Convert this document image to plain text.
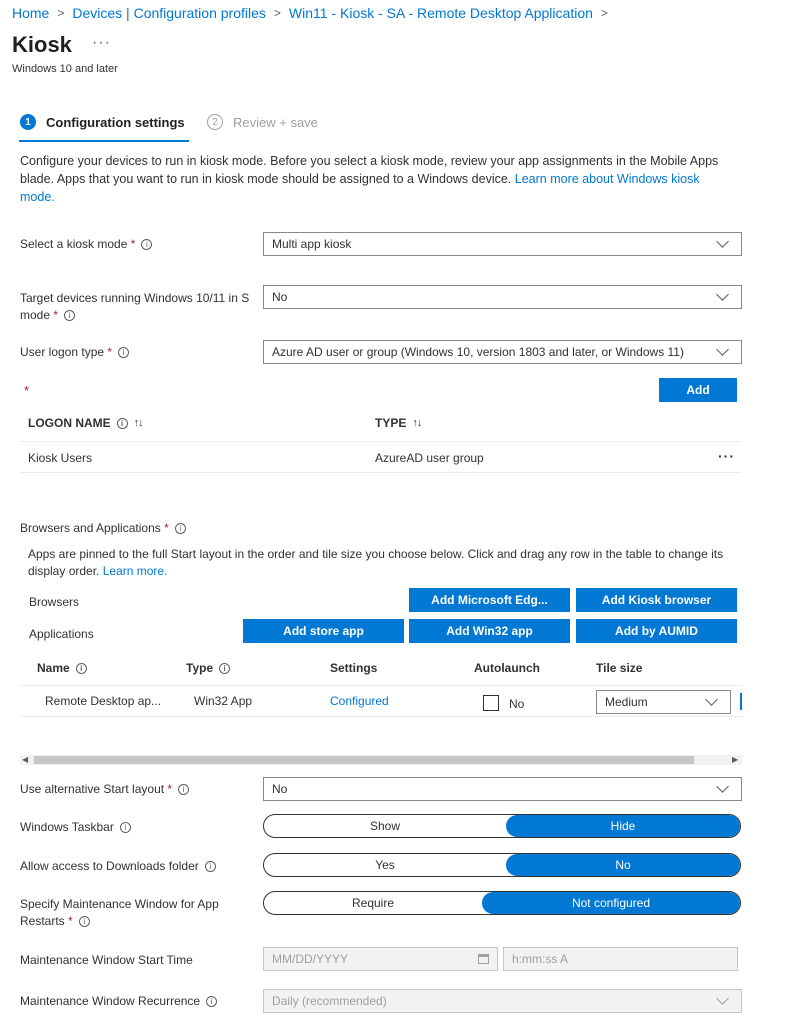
Home > Devices | Configuration profiles > Win11 - Kiosk - SA - Remote Desktop Application >
Kiosk ···
Windows 10 and later
1	Configuration settings	2	Review + save
Configure your devices to run in kiosk mode. Before you select a kiosk mode, review your app assignments in the Mobile Apps blade. Apps that you want to run in kiosk mode should be assigned to a Windows device. Learn more about Windows kiosk mode.
Select a kiosk mode * i	Multi app kiosk
Target devices running Windows 10/11 in S mode * i
No
User logon type * i	Azure AD user or group (Windows 10, version 1803 and later, or Windows 11)
*	Add
LOGON NAME	i ↑↓	TYPE ↑↓
Kiosk Users	AzureAD user group	···
Browsers and Applications * i
Apps are pinned to the full Start layout in the order and tile size you choose below. Click and drag any row in the table to change its display order. Learn more.
Browsers	Add Microsoft Edg...	Add Kiosk browser
Applications	Add store app	Add Win32 app	Add by AUMID
Name	i	Type	i	Settings	Autolaunch	Tile size
Remote Desktop ap...	Win32 App	Configured	No	Medium
◀	▶
Use alternative Start layout * i	No
Windows Taskbar i	Show	Hide
Allow access to Downloads folder i	Yes	No
Specify Maintenance Window for App Restarts * i
Require	Not configured
Maintenance Window Start Time	MM/DD/YYYY	h:mm:ss A
Maintenance Window Recurrence i	Daily (recommended)
